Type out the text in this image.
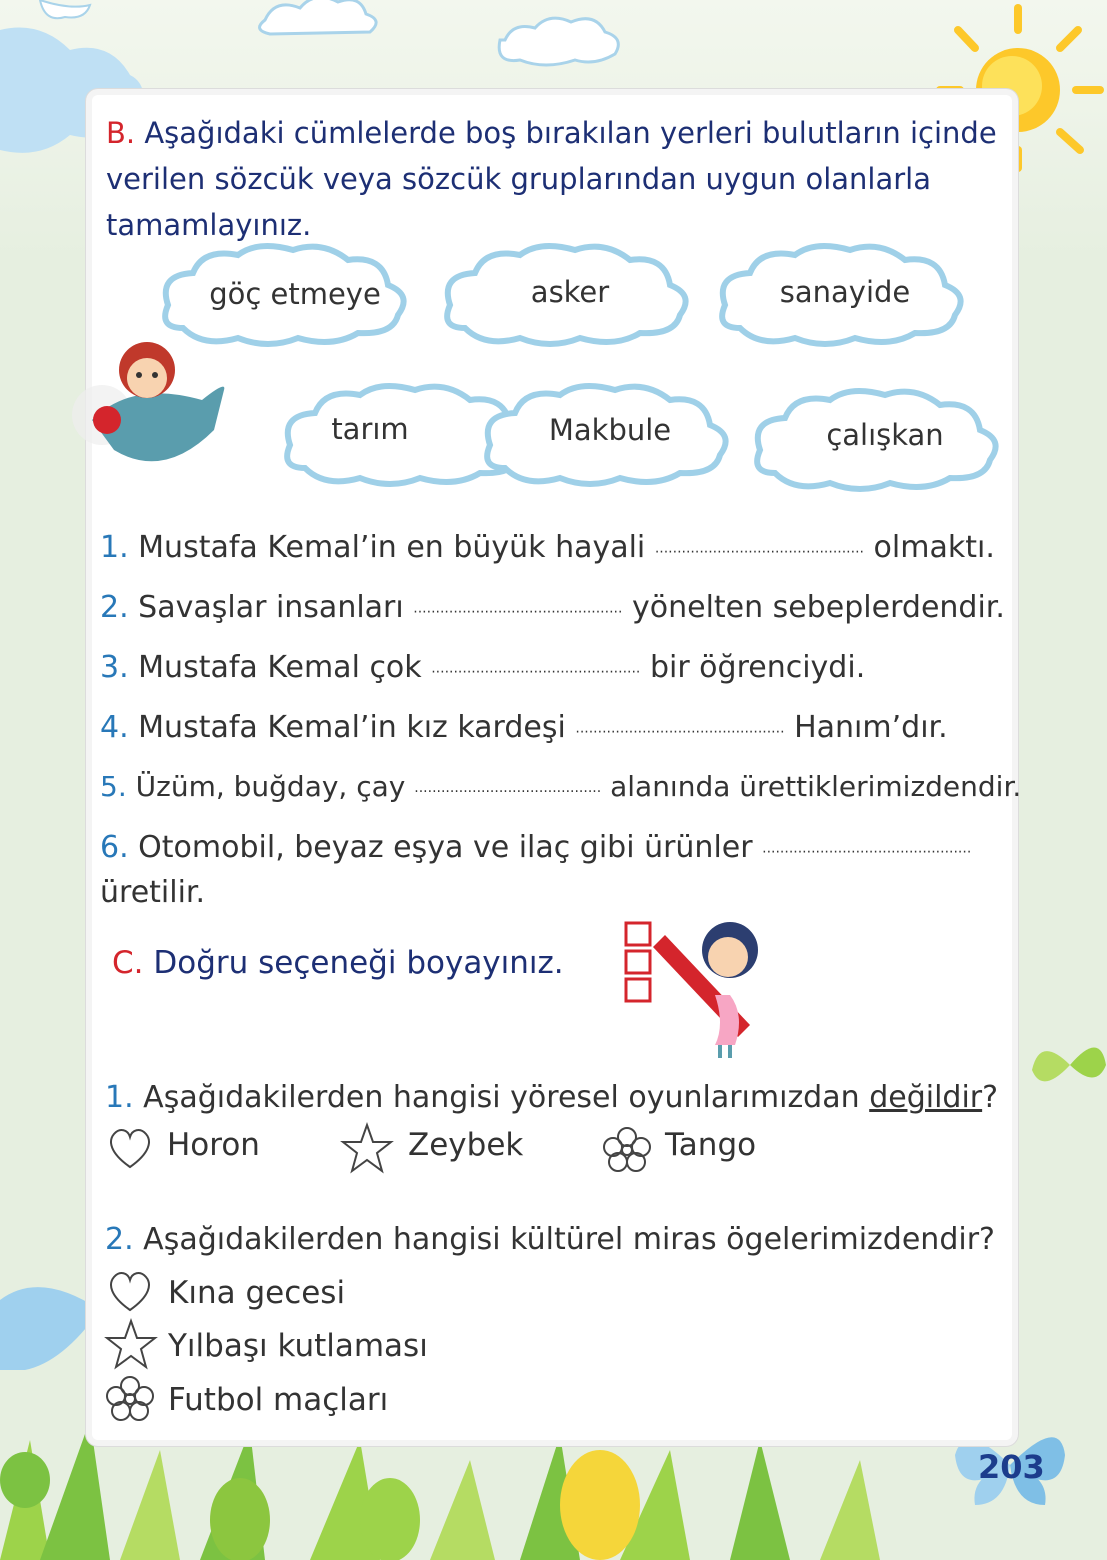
B. Aşağıdaki cümlelerde boş bırakılan yerleri bulutların içinde
verilen sözcük veya sözcük gruplarından uygun olanlarla
tamamlayınız.
göç etmeye	asker	sanayide
tarım	Makbule	çalışkan
1. Mustafa Kemal’in en büyük hayali ............................................... olmaktı.
2. Savaşlar insanları ............................................... yönelten sebeplerdendir.
3. Mustafa Kemal çok ............................................... bir öğrenciydi.
4. Mustafa Kemal’in kız kardeşi ............................................... Hanım’dır.
5. Üzüm, buğday, çay .......................................... alanında ürettiklerimizdendir.
6. Otomobil, beyaz eşya ve ilaç gibi ürünler ...............................................
üretilir.
C. Doğru seçeneği boyayınız.
1. Aşağıdakilerden hangisi yöresel oyunlarımızdan değildir?
Horon	Zeybek	Tango
2. Aşağıdakilerden hangisi kültürel miras ögelerimizdendir?
Kına gecesi
Yılbaşı kutlaması
Futbol maçları
203
